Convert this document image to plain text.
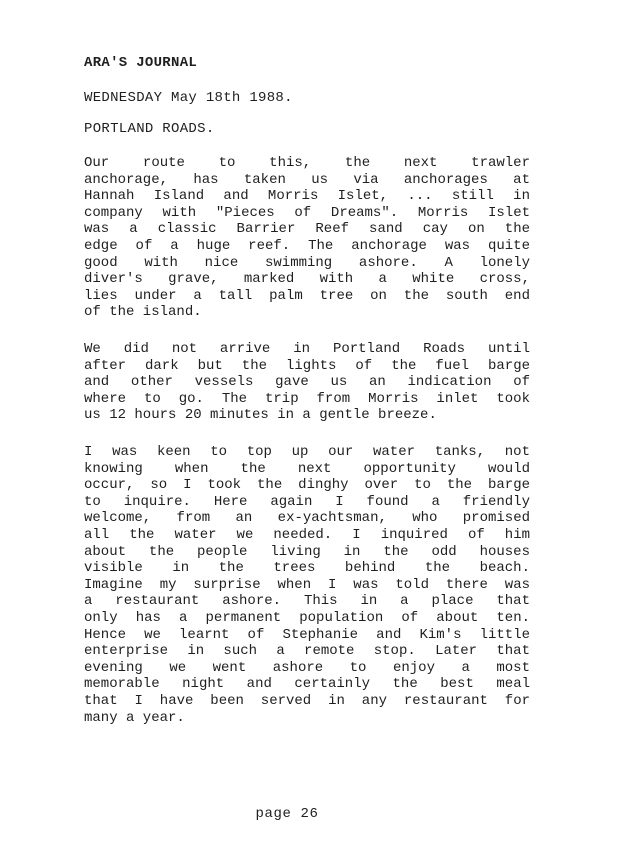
ARA'S JOURNAL
WEDNESDAY May 18th 1988.
PORTLAND ROADS.
Our route to this, the next trawler
anchorage, has taken us via anchorages at
Hannah Island and Morris Islet, ... still in
company with "Pieces of Dreams". Morris Islet
was a classic Barrier Reef sand cay on the
edge of a huge reef. The anchorage was quite
good with nice swimming ashore. A lonely
diver's grave, marked with a white cross,
lies under a tall palm tree on the south end
of the island.
We did not arrive in Portland Roads until
after dark but the lights of the fuel barge
and other vessels gave us an indication of
where to go. The trip from Morris inlet took
us 12 hours 20 minutes in a gentle breeze.
I was keen to top up our water tanks, not
knowing when the next opportunity would
occur, so I took the dinghy over to the barge
to inquire. Here again I found a friendly
welcome, from an ex-yachtsman, who promised
all the water we needed. I inquired of him
about the people living in the odd houses
visible in the trees behind the beach.
Imagine my surprise when I was told there was
a restaurant ashore. This in a place that
only has a permanent population of about ten.
Hence we learnt of Stephanie and Kim's little
enterprise in such a remote stop. Later that
evening we went ashore to enjoy a most
memorable night and certainly the best meal
that I have been served in any restaurant for
many a year.
page 26
